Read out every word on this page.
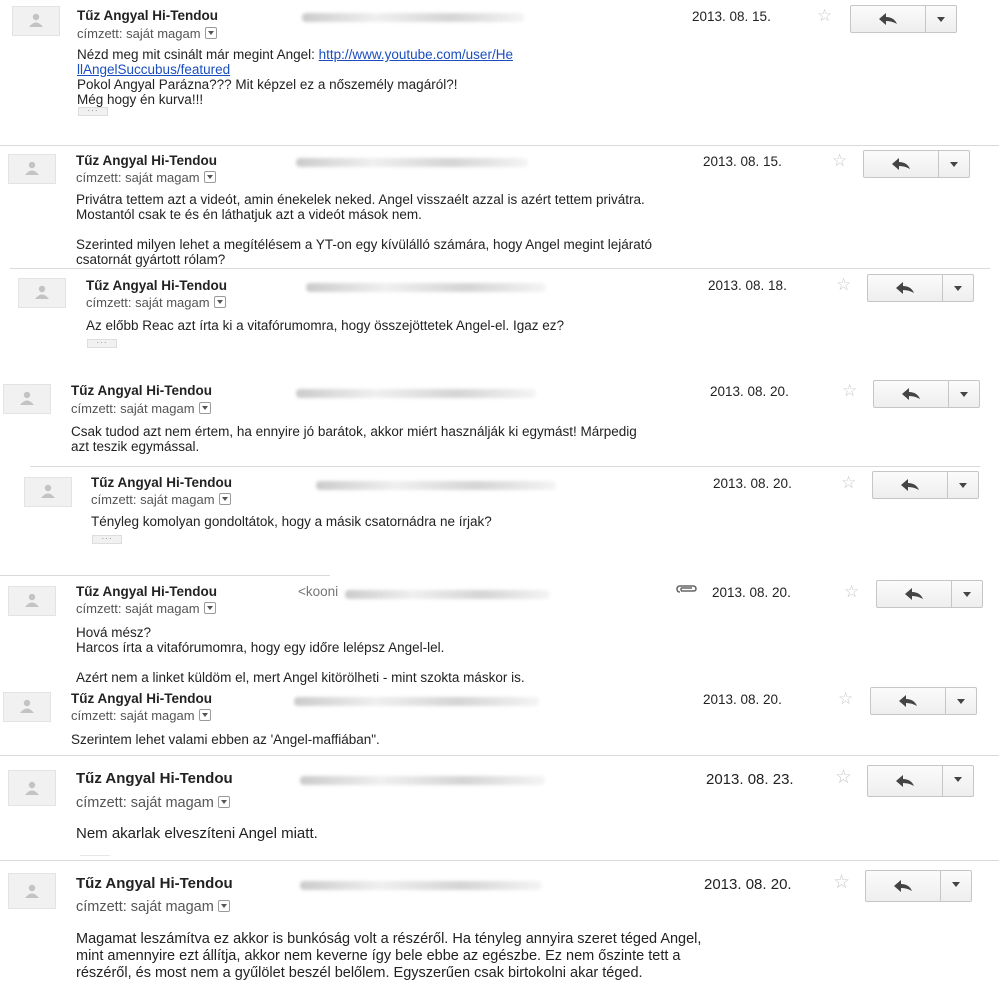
Tűz Angyal Hi-Tendou
címzett: saját magam
2013. 08. 15.	☆

Nézd meg mit csinált már megint Angel: http://www.youtube.com/user/He

llAngelSuccubus/featured

Pokol Angyal Parázna??? Mit képzel ez a nőszemély magáról?!

Még hogy én kurva!!!

···
Tűz Angyal Hi-Tendou
címzett: saját magam
2013. 08. 15.	☆

Privátra tettem azt a videót, amin énekelek neked. Angel visszaélt azzal is azért tettem privátra.

Mostantól csak te és én láthatjuk azt a videót mások nem.

Szerinted milyen lehet a megítélésem a YT-on egy kívülálló számára, hogy Angel megint lejárató

csatornát gyártott rólam?

Tűz Angyal Hi-Tendou
címzett: saját magam
2013. 08. 18.	☆

Az előbb Reac azt írta ki a vitafórumomra, hogy összejöttetek Angel-el. Igaz ez?

···
Tűz Angyal Hi-Tendou
címzett: saját magam
2013. 08. 20.	☆

Csak tudod azt nem értem, ha ennyire jó barátok, akkor miért használják ki egymást! Márpedig

azt teszik egymással.

Tűz Angyal Hi-Tendou
címzett: saját magam
2013. 08. 20.	☆

Tényleg komolyan gondoltátok, hogy a másik csatornádra ne írjak?

···
Tűz Angyal Hi-Tendou	<kooni
címzett: saját magam
2013. 08. 20.	☆

Hová mész?

Harcos írta a vitafórumomra, hogy egy időre lelépsz Angel-lel.

Azért nem a linket küldöm el, mert Angel kitörölheti - mint szokta máskor is.

Tűz Angyal Hi-Tendou
címzett: saját magam
2013. 08. 20.	☆

Szerintem lehet valami ebben az 'Angel-maffiában".

Tűz Angyal Hi-Tendou
címzett: saját magam
2013. 08. 23. ☆

Nem akarlak elveszíteni Angel miatt.

Tűz Angyal Hi-Tendou
címzett: saját magam
2013. 08. 20. ☆

Magamat leszámítva ez akkor is bunkóság volt a részéről. Ha tényleg annyira szeret téged Angel,

mint amennyire ezt állítja, akkor nem keverne így bele ebbe az egészbe. Ez nem őszinte tett a

részéről, és most nem a gyűlölet beszél belőlem. Egyszerűen csak birtokolni akar téged.
